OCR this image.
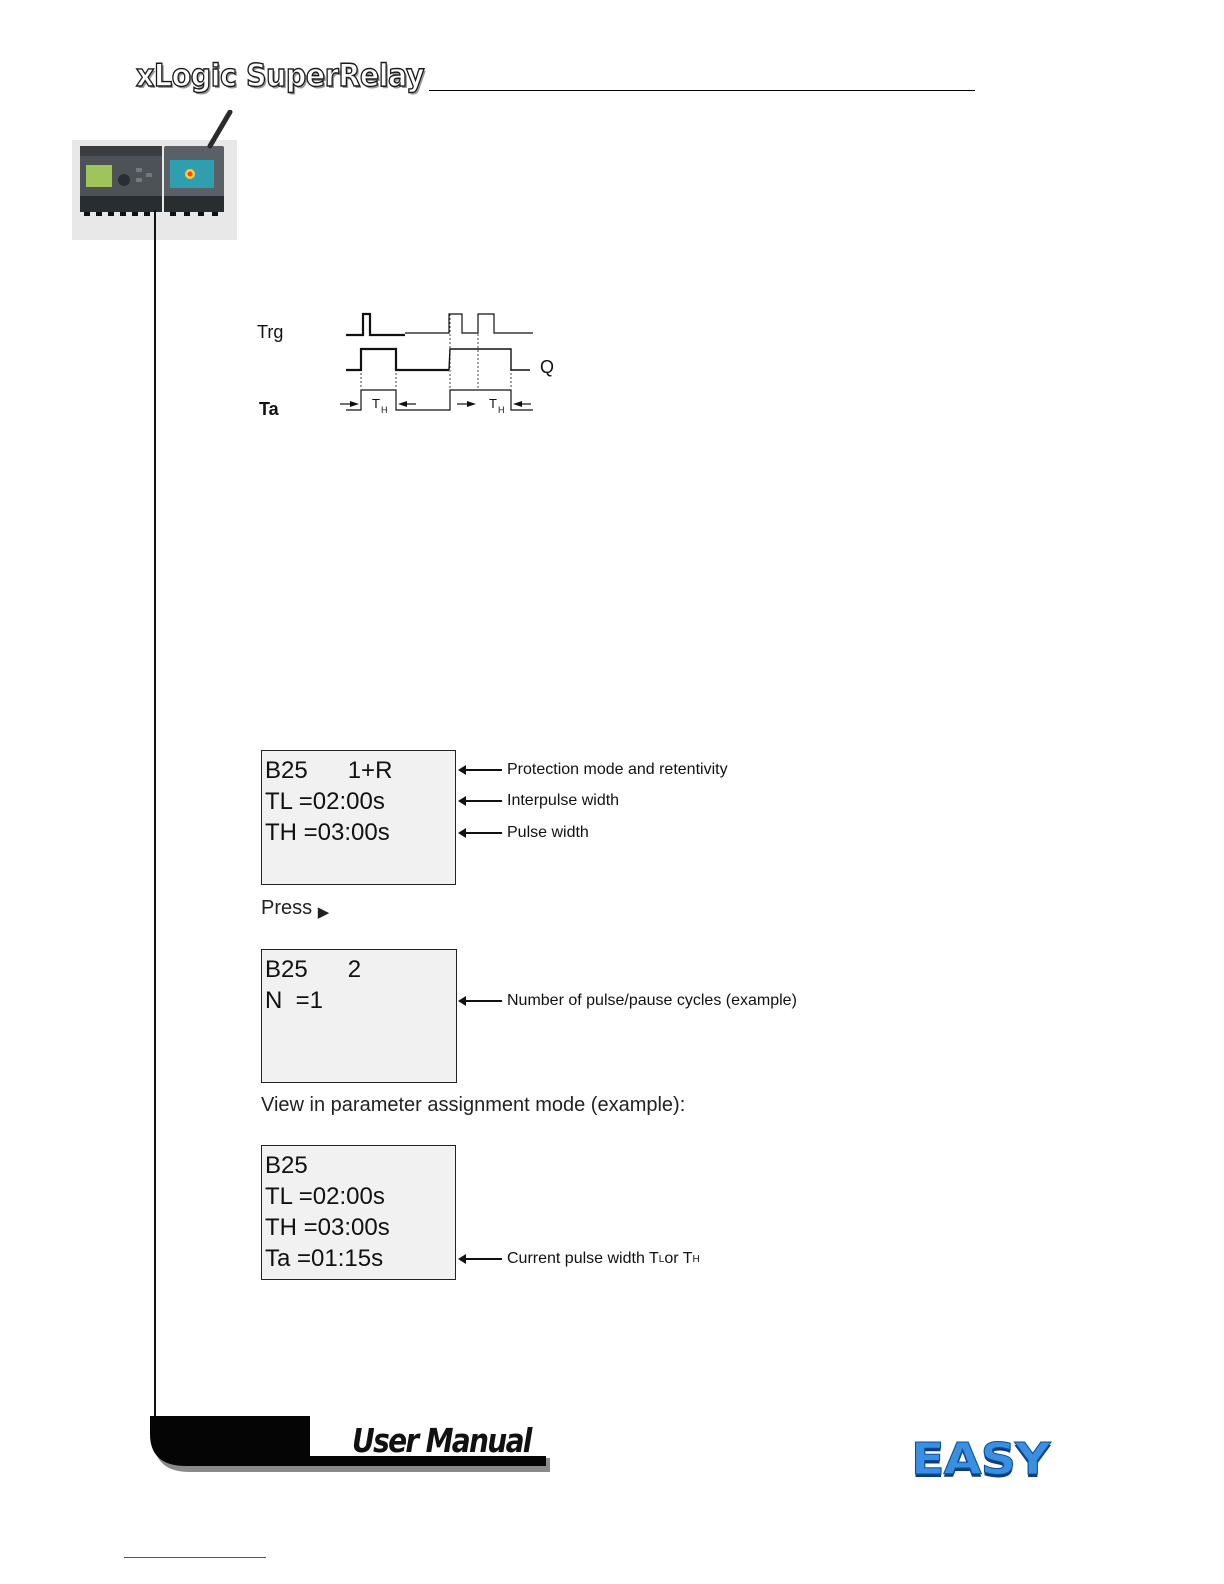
xLogic SuperRelay
Trg
Q
Ta	T H	T H
B25      1+R
TL =02:00s
TH =03:00s
Protection mode and retentivity
Interpulse width
Pulse width
Press ▶
B25      2
N  =1	Number of pulse/pause cycles (example)
View in parameter assignment mode (example):
B25
TL =02:00s
TH =03:00s
Ta =01:15s	Current pulse width T L or T H
User Manual	EASY
